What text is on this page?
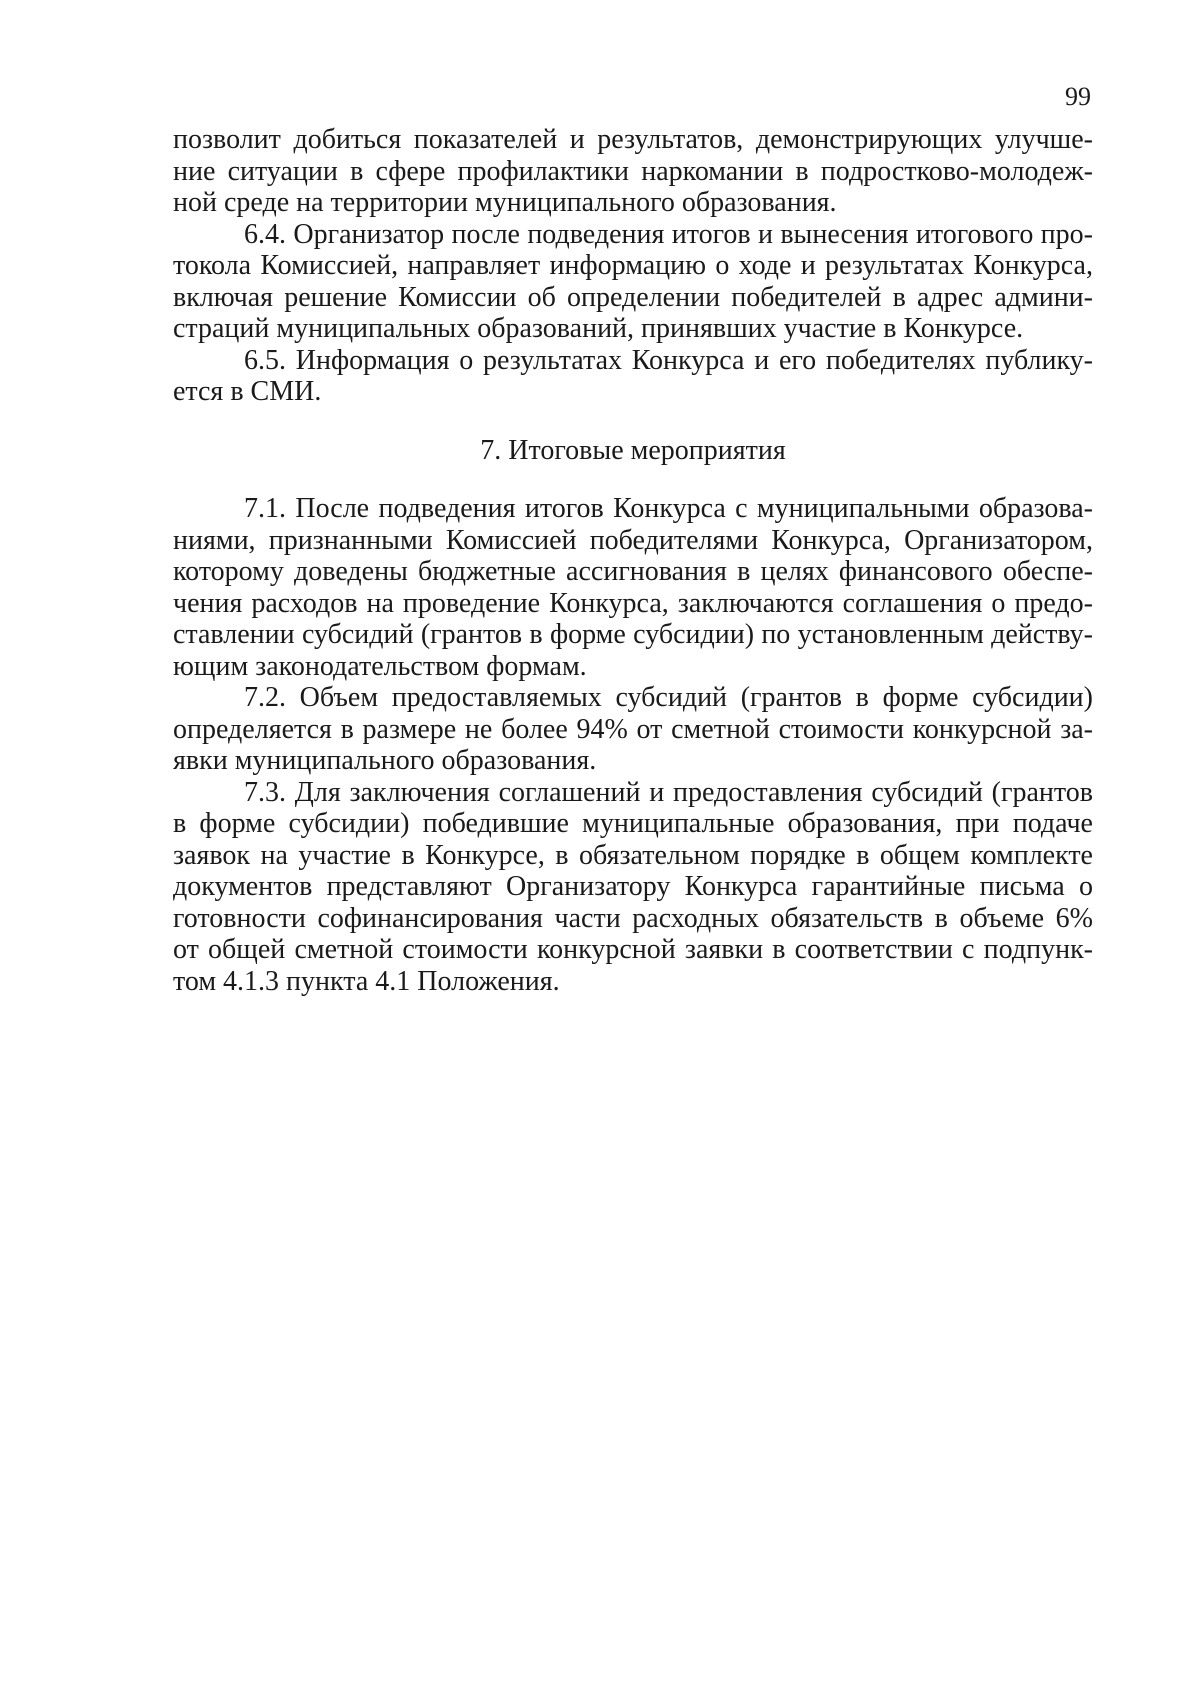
99
позволит добиться показателей и результатов, демонстрирующих улучше-
ние ситуации в сфере профилактики наркомании в подростково-молодеж-
ной среде на территории муниципального образования.
6.4. Организатор после подведения итогов и вынесения итогового про-
токола Комиссией, направляет информацию о ходе и результатах Конкурса,
включая решение Комиссии об определении победителей в адрес админи-
страций муниципальных образований, принявших участие в Конкурсе.
6.5. Информация о результатах Конкурса и его победителях публику-
ется в СМИ.
7. Итоговые мероприятия
7.1. После подведения итогов Конкурса с муниципальными образова-
ниями, признанными Комиссией победителями Конкурса, Организатором,
которому доведены бюджетные ассигнования в целях финансового обеспе-
чения расходов на проведение Конкурса, заключаются соглашения о предо-
ставлении субсидий (грантов в форме субсидии) по установленным действу-
ющим законодательством формам.
7.2. Объем предоставляемых субсидий (грантов в форме субсидии)
определяется в размере не более 94% от сметной стоимости конкурсной за-
явки муниципального образования.
7.3. Для заключения соглашений и предоставления субсидий (грантов
в форме субсидии) победившие муниципальные образования, при подаче
заявок на участие в Конкурсе, в обязательном порядке в общем комплекте
документов представляют Организатору Конкурса гарантийные письма о
готовности софинансирования части расходных обязательств в объеме 6%
от общей сметной стоимости конкурсной заявки в соответствии с подпунк-
том 4.1.3 пункта 4.1 Положения.
